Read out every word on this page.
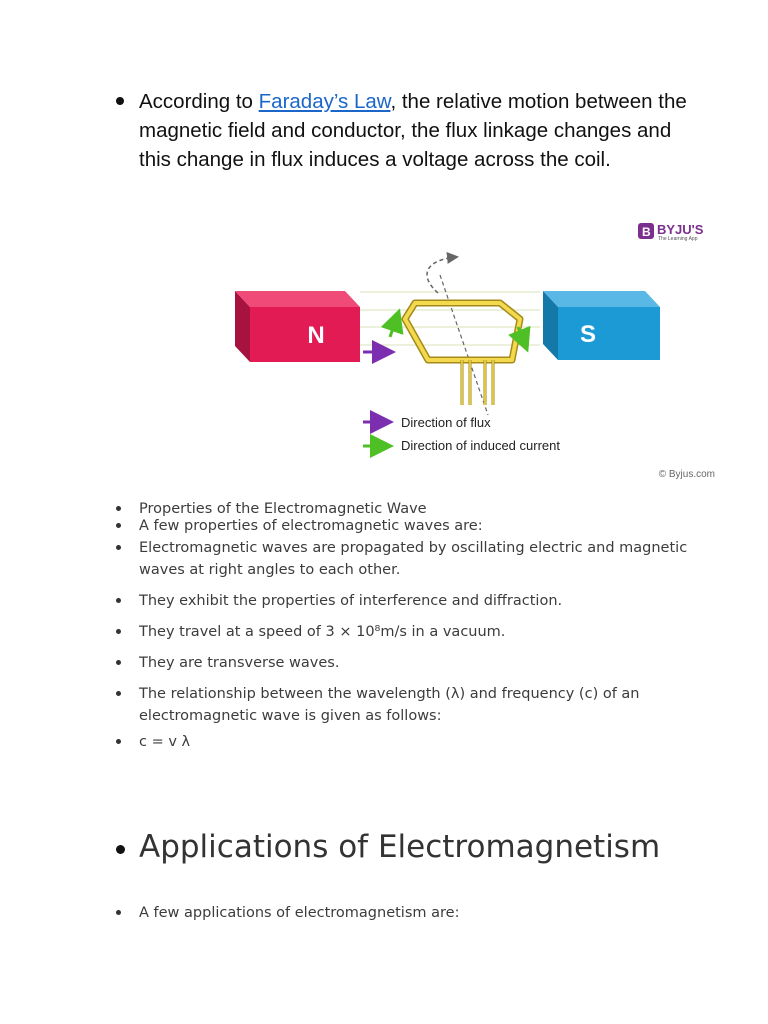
According to Faraday’s Law, the relative motion between the magnetic field and conductor, the flux linkage changes and this change in flux induces a voltage across the coil.
B BYJU'S
The Learning App
N	S
Direction of flux
Direction of induced current
© Byjus.com
Properties of the Electromagnetic Wave
A few properties of electromagnetic waves are:
Electromagnetic waves are propagated by oscillating electric and magnetic waves at right angles to each other.
They exhibit the properties of interference and diffraction.
They travel at a speed of 3 × 10⁸m/s in a vacuum.
They are transverse waves.
The relationship between the wavelength (λ) and frequency (c) of an electromagnetic wave is given as follows:
c = v λ
Applications of Electromagnetism
A few applications of electromagnetism are:
